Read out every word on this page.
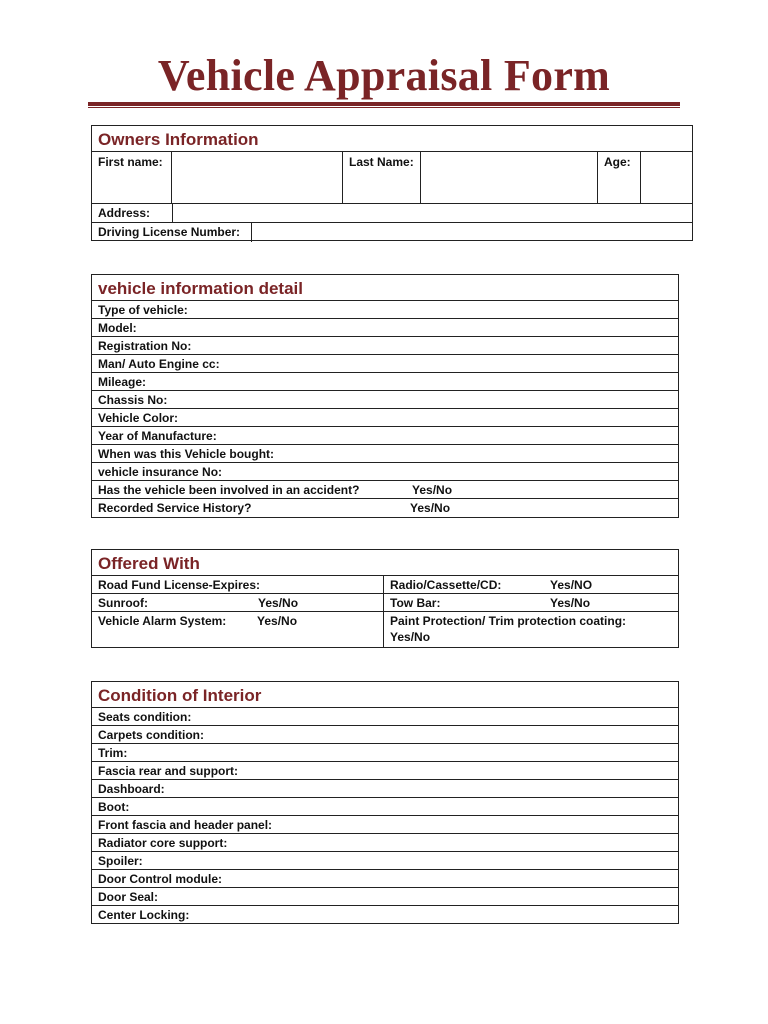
Vehicle Appraisal Form
Owners Information
First name:	Last Name:	Age:
Address:
Driving License Number:
vehicle information detail
Type of vehicle:
Model:
Registration No:
Man/ Auto Engine cc:
Mileage:
Chassis No:
Vehicle Color:
Year of Manufacture:
When was this Vehicle bought:
vehicle insurance No:
Has the vehicle been involved in an accident?	Yes/No
Recorded Service History?	Yes/No
Offered With
Road Fund License-Expires:	Radio/Cassette/CD:	Yes/NO
Sunroof:	Yes/No	Tow Bar:	Yes/No
Vehicle Alarm System:	Yes/No	Paint Protection/ Trim protection coating:
Yes/No
Condition of Interior
Seats condition:
Carpets condition:
Trim:
Fascia rear and support:
Dashboard:
Boot:
Front fascia and header panel:
Radiator core support:
Spoiler:
Door Control module:
Door Seal:
Center Locking:
